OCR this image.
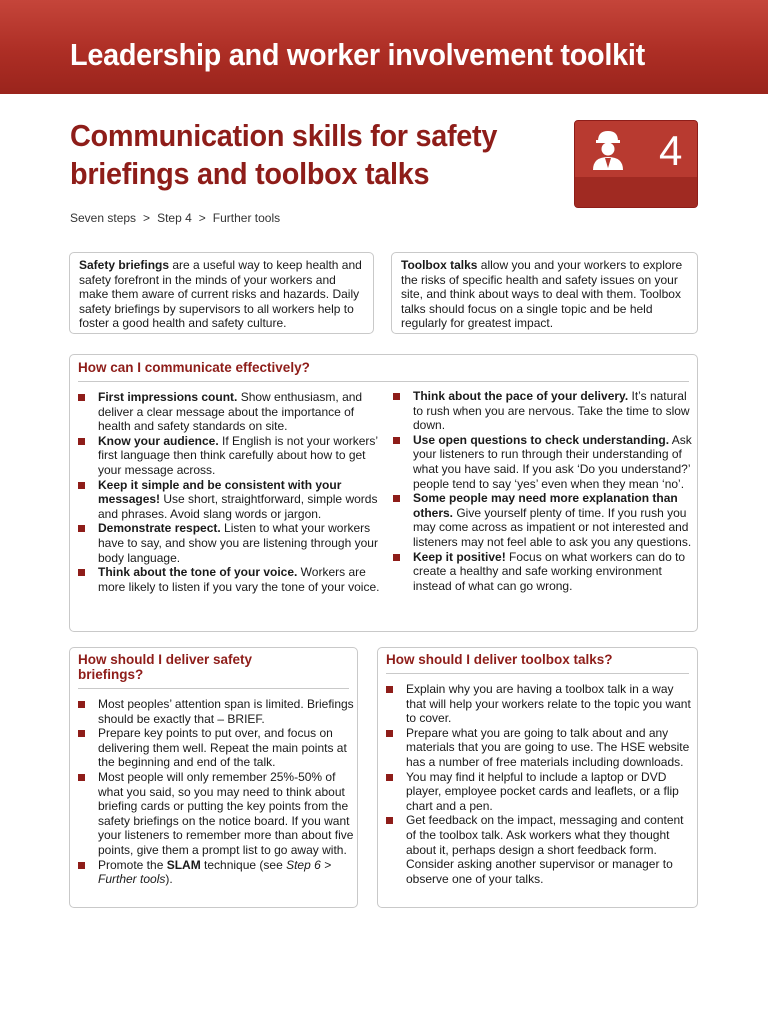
Leadership and worker involvement toolkit
Communication skills for safety
briefings and toolbox talks	4
Seven steps > Step 4 > Further tools

Safety briefings are a useful way to keep health and safety forefront in the minds of your workers and make them aware of current risks and hazards. Daily safety briefings by supervisors to all workers help to foster a good health and safety culture.

Toolbox talks allow you and your workers to explore the risks of specific health and safety issues on your site, and think about ways to deal with them. Toolbox talks should focus on a single topic and be held regularly for greatest impact.

How can I communicate effectively?
First impressions count. Show enthusiasm, and deliver a clear message about the importance of health and safety standards on site.
Know your audience. If English is not your workers’ first language then think carefully about how to get your message across.
Keep it simple and be consistent with your messages! Use short, straightforward, simple words and phrases. Avoid slang words or jargon.
Demonstrate respect. Listen to what your workers have to say, and show you are listening through your body language.
Think about the tone of your voice. Workers are more likely to listen if you vary the tone of your voice.
Think about the pace of your delivery. It’s natural to rush when you are nervous. Take the time to slow down.
Use open questions to check understanding. Ask your listeners to run through their understanding of what you have said. If you ask ‘Do you understand?’ people tend to say ‘yes’ even when they mean ‘no’.
Some people may need more explanation than others. Give yourself plenty of time. If you rush you may come across as impatient or not interested and listeners may not feel able to ask you any questions.
Keep it positive! Focus on what workers can do to create a healthy and safe working environment instead of what can go wrong.
How should I deliver safety
briefings?
Most peoples’ attention span is limited. Briefings should be exactly that – BRIEF.
Prepare key points to put over, and focus on delivering them well. Repeat the main points at the beginning and end of the talk.
Most people will only remember 25%-50% of what you said, so you may need to think about briefing cards or putting the key points from the safety briefings on the notice board. If you want your listeners to remember more than about five points, give them a prompt list to go away with.
Promote the SLAM technique (see Step 6 > Further tools).
How should I deliver toolbox talks?
Explain why you are having a toolbox talk in a way that will help your workers relate to the topic you want to cover.
Prepare what you are going to talk about and any materials that you are going to use. The HSE website has a number of free materials including downloads.
You may find it helpful to include a laptop or DVD player, employee pocket cards and leaflets, or a flip chart and a pen.
Get feedback on the impact, messaging and content of the toolbox talk. Ask workers what they thought about it, perhaps design a short feedback form. Consider asking another supervisor or manager to observe one of your talks.
